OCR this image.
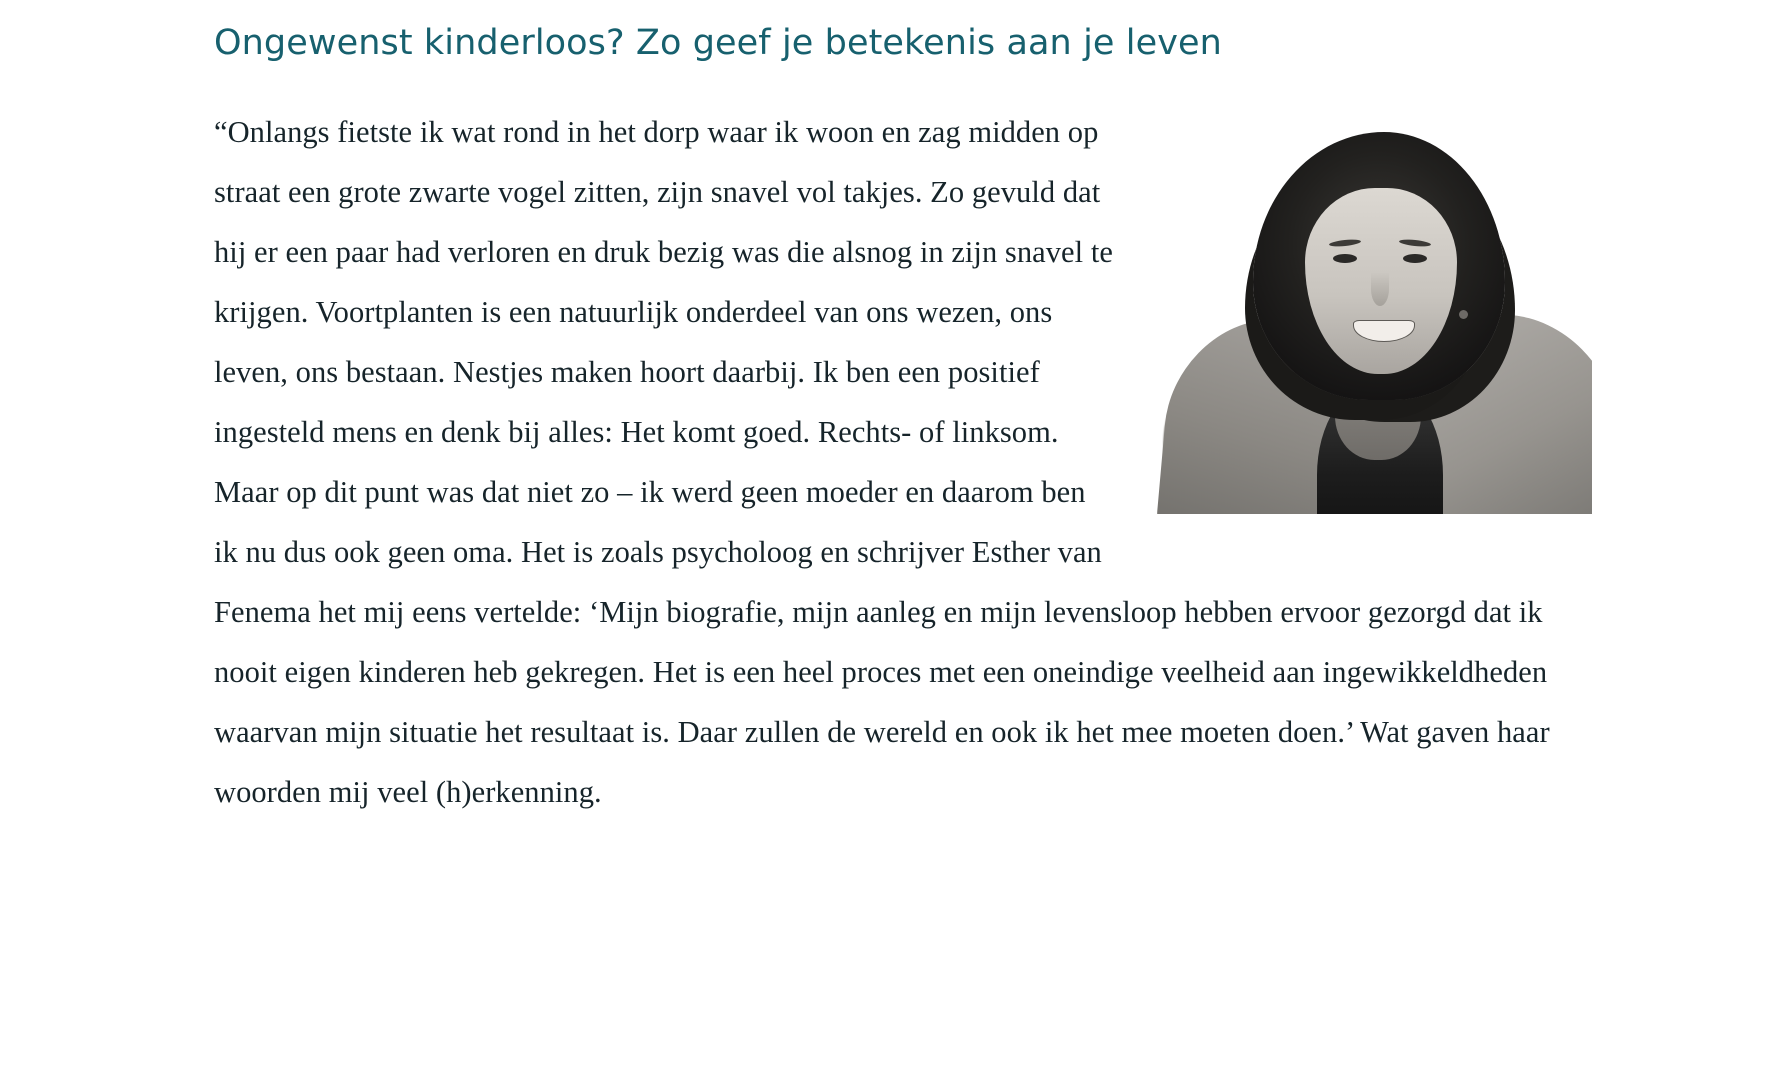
Ongewenst kinderloos? Zo geef je betekenis aan je leven

“Onlangs fietste ik wat rond in het dorp waar ik woon en zag midden op straat een grote zwarte vogel zitten, zijn snavel vol takjes. Zo gevuld dat hij er een paar had verloren en druk bezig was die alsnog in zijn snavel te krijgen. Voortplanten is een natuurlijk onderdeel van ons wezen, ons leven, ons bestaan. Nestjes maken hoort daarbij. Ik ben een positief ingesteld mens en denk bij alles: Het komt goed. Rechts- of linksom. Maar op dit punt was dat niet zo – ik werd geen moeder en daarom ben ik nu dus ook geen oma. Het is zoals psycholoog en schrijver Esther van Fenema het mij eens vertelde: ‘Mijn biografie, mijn aanleg en mijn levensloop hebben ervoor gezorgd dat ik nooit eigen kinderen heb gekregen. Het is een heel proces met een oneindige veelheid aan ingewikkeldheden waarvan mijn situatie het resultaat is. Daar zullen de wereld en ook ik het mee moeten doen.’ Wat gaven haar woorden mij veel (h)erkenning.
